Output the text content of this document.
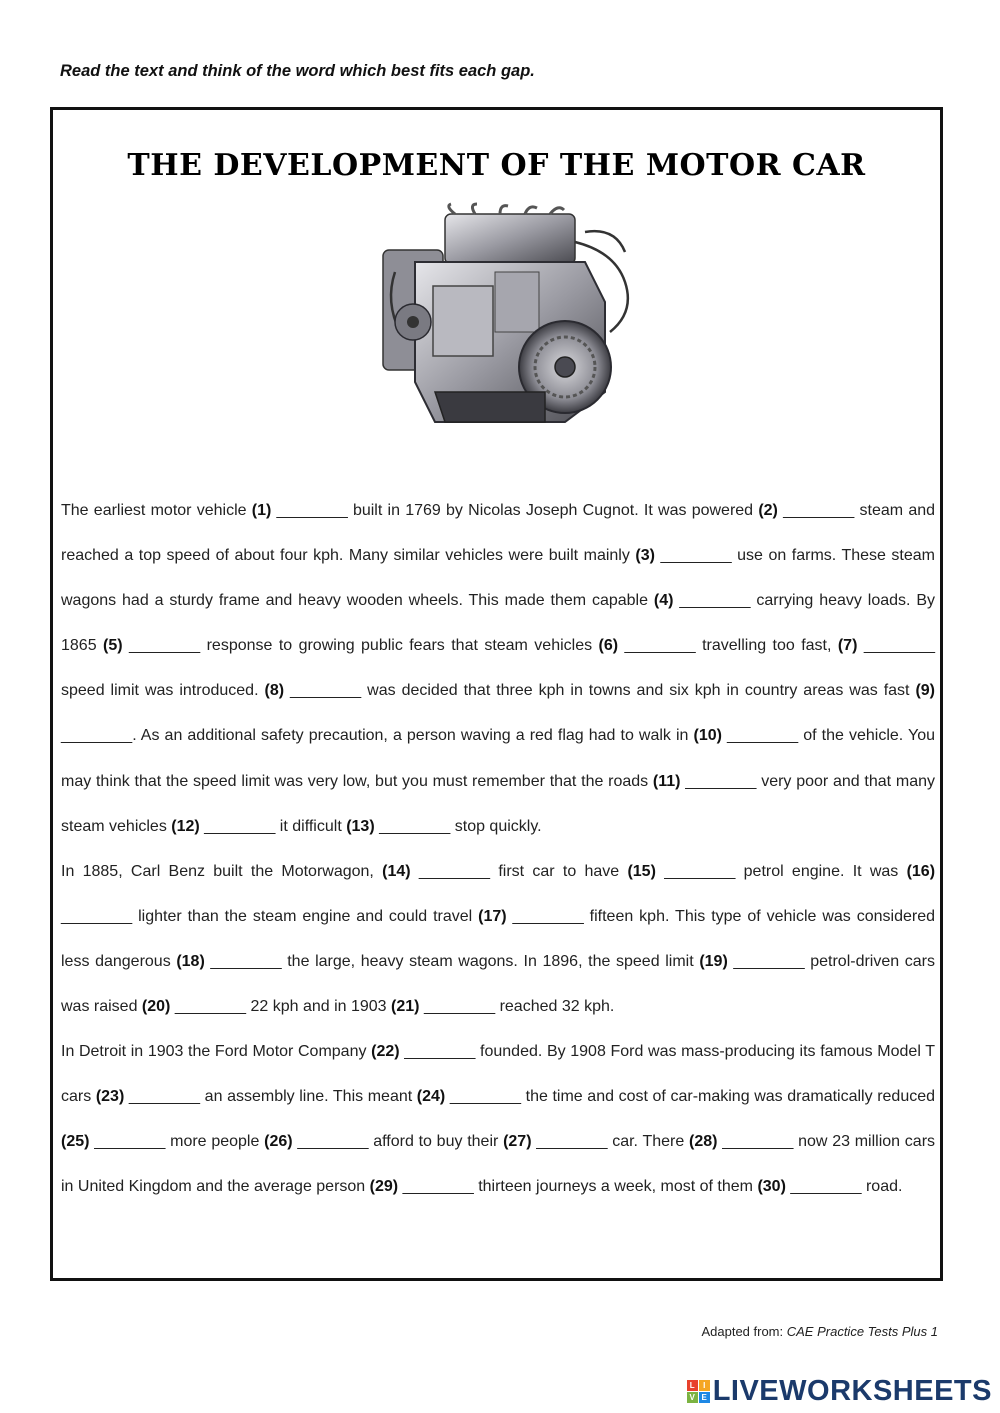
Read the text and think of the word which best fits each gap.
THE DEVELOPMENT OF THE MOTOR CAR

The earliest motor vehicle (1) ________ built in 1769 by Nicolas Joseph Cugnot. It was powered (2) ________ steam and reached a top speed of about four kph. Many similar vehicles were built mainly (3) ________ use on farms. These steam wagons had a sturdy frame and heavy wooden wheels. This made them capable (4) ________ carrying heavy loads. By 1865 (5) ________ response to growing public fears that steam vehicles (6) ________ travelling too fast, (7) ________ speed limit was introduced. (8) ________ was decided that three kph in towns and six kph in country areas was fast (9) ________. As an additional safety precaution, a person waving a red flag had to walk in (10) ________ of the vehicle. You may think that the speed limit was very low, but you must remember that the roads (11) ________ very poor and that many steam vehicles (12) ________ it difficult (13) ________ stop quickly.

In 1885, Carl Benz built the Motorwagon, (14) ________ first car to have (15) ________ petrol engine. It was (16) ________ lighter than the steam engine and could travel (17) ________ fifteen kph. This type of vehicle was considered less dangerous (18) ________ the large, heavy steam wagons. In 1896, the speed limit (19) ________ petrol-driven cars was raised (20) ________ 22 kph and in 1903 (21) ________ reached 32 kph.

In Detroit in 1903 the Ford Motor Company (22) ________ founded. By 1908 Ford was mass-producing its famous Model T cars (23) ________ an assembly line. This meant (24) ________ the time and cost of car-making was dramatically reduced (25) ________ more people (26) ________ afford to buy their (27) ________ car. There (28) ________ now 23 million cars in United Kingdom and the average person (29) ________ thirteen journeys a week, most of them (30) ________ road.

Adapted from: CAE Practice Tests Plus 1
L	I
V E LIVEWORKSHEETS
